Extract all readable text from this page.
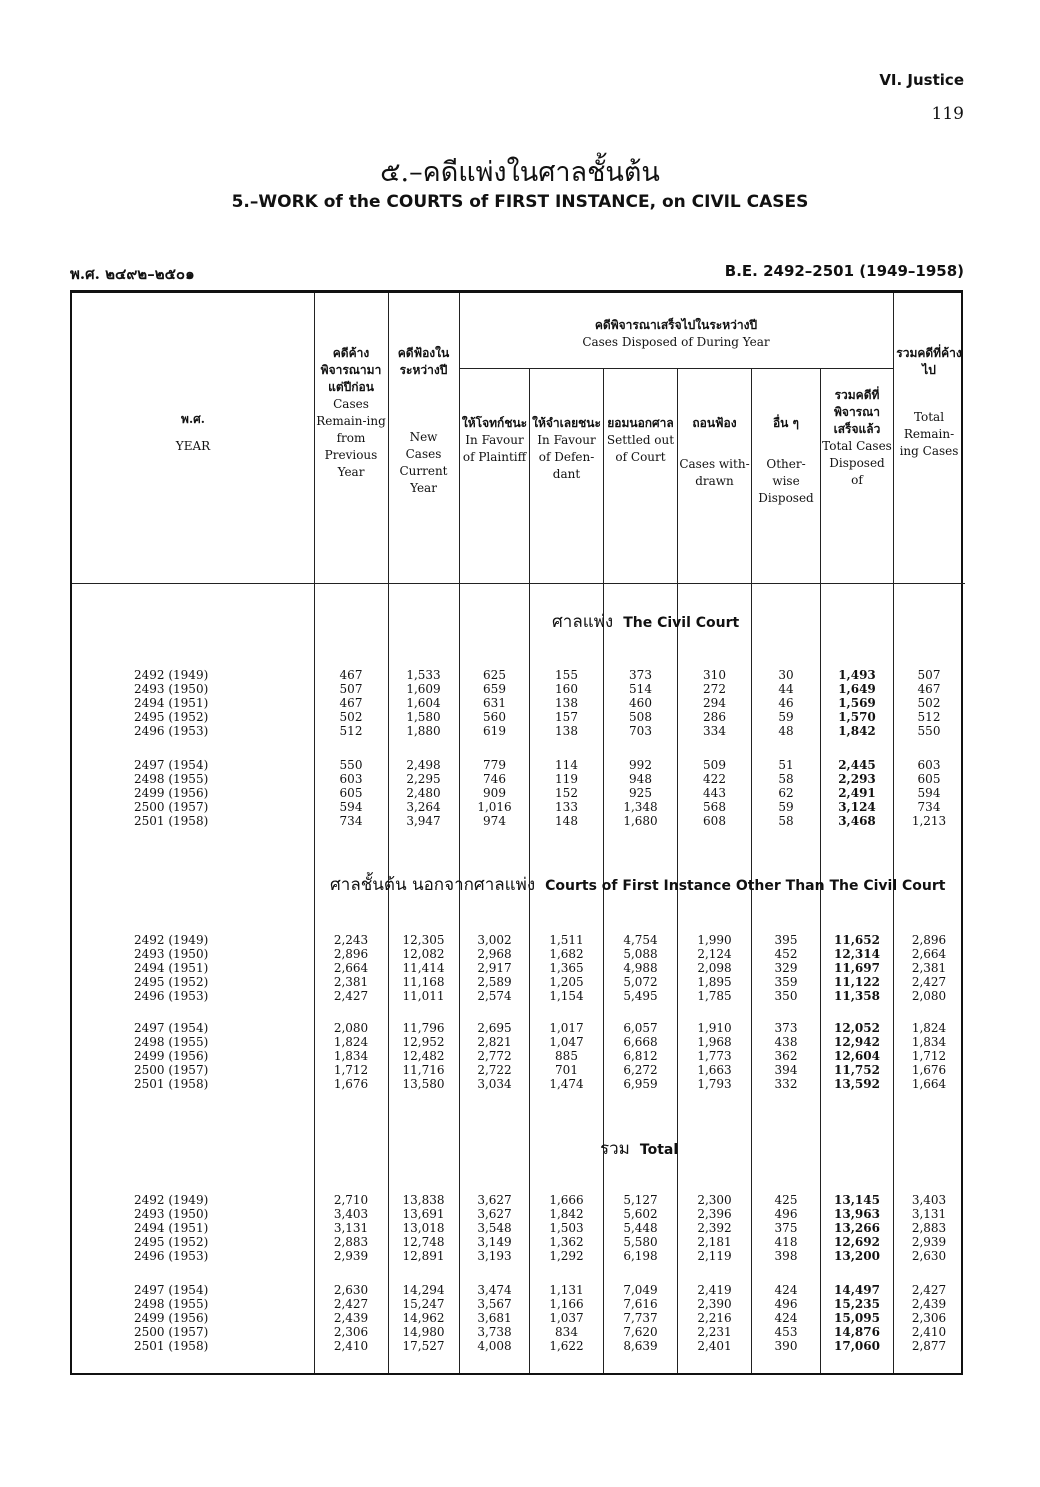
VI. Justice
119
๕.–คดีแพ่งในศาลชั้นต้น
5.–WORK of the COURTS of FIRST INSTANCE, on CIVIL CASES
พ.ศ. ๒๔๙๒–๒๕๐๑	B.E. 2492–2501 (1949–1958)
พ.ศ.
YEAR
คดีค้าง พิจารณามา แต่ปีก่อน
Cases Remain-ing from Previous Year
คดีฟ้องใน ระหว่างปี
New Cases Current Year
คดีพิจารณาเสร็จไปในระหว่างปี
Cases Disposed of During Year
ให้โจทก์ชนะ
In Favour of Plaintiff
ให้จำเลยชนะ
In Favour of Defen-dant
ยอมนอกศาล
Settled out of Court
ถอนฟ้อง
Cases with-drawn
อื่น ๆ
Other-wise Disposed
รวมคดีที่พิจารณาเสร็จแล้ว
Total Cases Disposed of
รวมคดีที่ค้างไป
Total Remain-ing Cases
ศาลแพ่ง The Civil Court
2492 (1949)	467	1,533	625	155	373	310	30	1,493	507
2493 (1950)	507	1,609	659	160	514	272	44	1,649	467
2494 (1951)	467	1,604	631	138	460	294	46	1,569	502
2495 (1952)	502	1,580	560	157	508	286	59	1,570	512
2496 (1953)	512	1,880	619	138	703	334	48	1,842	550
2497 (1954)	550	2,498	779	114	992	509	51	2,445	603
2498 (1955)	603	2,295	746	119	948	422	58	2,293	605
2499 (1956)	605	2,480	909	152	925	443	62	2,491	594
2500 (1957)	594	3,264	1,016	133	1,348	568	59	3,124	734
2501 (1958)	734	3,947	974	148	1,680	608	58	3,468	1,213
ศาลชั้นต้น นอกจากศาลแพ่ง Courts of First Instance Other Than The Civil Court
2492 (1949)	2,243	12,305	3,002	1,511	4,754	1,990	395	11,652	2,896
2493 (1950)	2,896	12,082	2,968	1,682	5,088	2,124	452	12,314	2,664
2494 (1951)	2,664	11,414	2,917	1,365	4,988	2,098	329	11,697	2,381
2495 (1952)	2,381	11,168	2,589	1,205	5,072	1,895	359	11,122	2,427
2496 (1953)	2,427	11,011	2,574	1,154	5,495	1,785	350	11,358	2,080
2497 (1954)	2,080	11,796	2,695	1,017	6,057	1,910	373	12,052	1,824
2498 (1955)	1,824	12,952	2,821	1,047	6,668	1,968	438	12,942	1,834
2499 (1956)	1,834	12,482	2,772	885	6,812	1,773	362	12,604	1,712
2500 (1957)	1,712	11,716	2,722	701	6,272	1,663	394	11,752	1,676
2501 (1958)	1,676	13,580	3,034	1,474	6,959	1,793	332	13,592	1,664
รวม Total
2492 (1949)	2,710	13,838	3,627	1,666	5,127	2,300	425	13,145	3,403
2493 (1950)	3,403	13,691	3,627	1,842	5,602	2,396	496	13,963	3,131
2494 (1951)	3,131	13,018	3,548	1,503	5,448	2,392	375	13,266	2,883
2495 (1952)	2,883	12,748	3,149	1,362	5,580	2,181	418	12,692	2,939
2496 (1953)	2,939	12,891	3,193	1,292	6,198	2,119	398	13,200	2,630
2497 (1954)	2,630	14,294	3,474	1,131	7,049	2,419	424	14,497	2,427
2498 (1955)	2,427	15,247	3,567	1,166	7,616	2,390	496	15,235	2,439
2499 (1956)	2,439	14,962	3,681	1,037	7,737	2,216	424	15,095	2,306
2500 (1957)	2,306	14,980	3,738	834	7,620	2,231	453	14,876	2,410
2501 (1958)	2,410	17,527	4,008	1,622	8,639	2,401	390	17,060	2,877
